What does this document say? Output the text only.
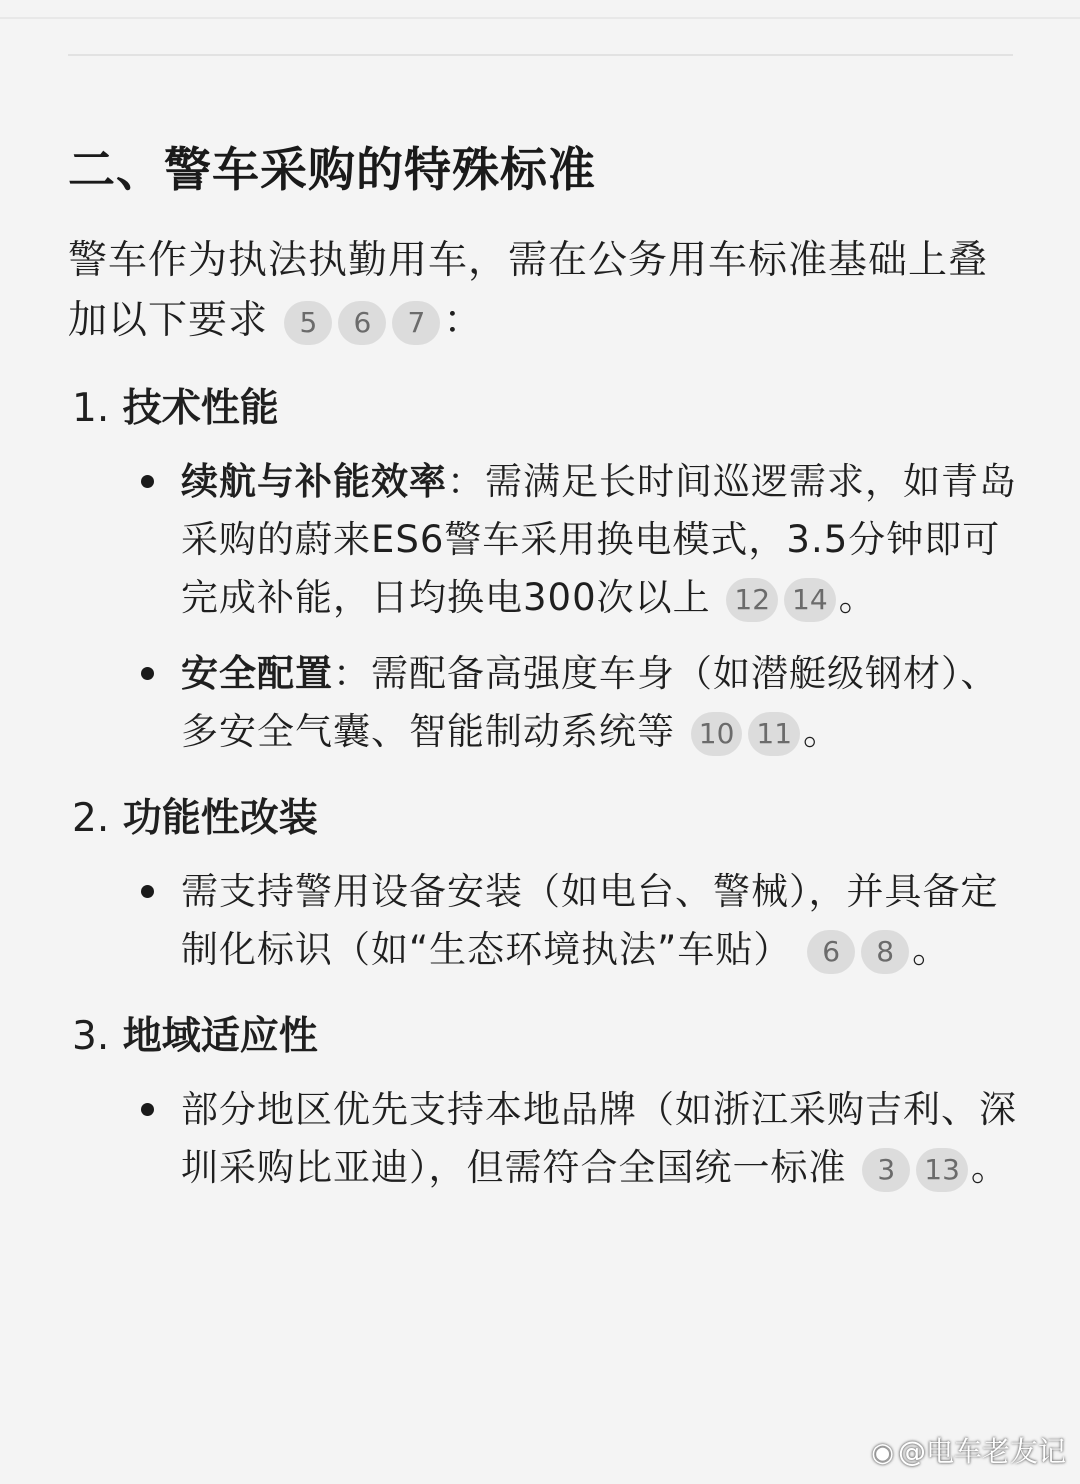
二、警车采购的特殊标准
警车作为执法执勤用车，需在公务用车标准基础上叠加以下要求 5 6 7 ：
1. 技术性能
续航与补能效率：需满足长时间巡逻需求，如青岛采购的蔚来ES6警车采用换电模式，3.5分钟即可完成补能，日均换电300次以上 12 14 。
安全配置：需配备高强度车身（如潜艇级钢材）、多安全气囊、智能制动系统等 10 11 。
2. 功能性改装
需支持警用设备安装（如电台、警械），并具备定制化标识（如“生态环境执法”车贴） 6 8 。
3. 地域适应性
部分地区优先支持本地品牌（如浙江采购吉利、深圳采购比亚迪），但需符合全国统一标准 3 13 。
◉ @电车老友记
